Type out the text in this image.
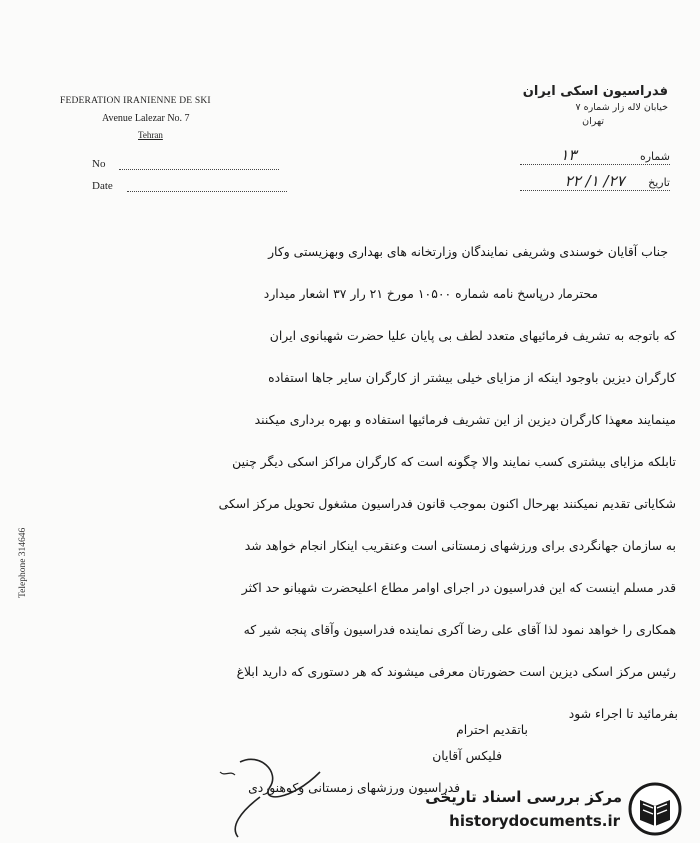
FEDERATION IRANIENNE DE SKI
Avenue Lalezar No. 7
Tehran
No
Date
فدراسیون اسکی ایران
خیابان لاله زار شماره ۷
تهران
شماره ۱۳
تاریخ ۲۷/ ۱/ ۲۲
جناب آقایان خوسندی وشریفی نمایندگان وزارتخانه های بهداری وبهزیستی وکار
محترما٫ درپاسخ نامه شماره ۱۰۵۰۰ مورخ ۲۱ رار ۳۷ اشعار میدارد
که باتوجه به تشریف فرمائیهای متعدد لطف بی پایان علیا حضرت شهبانوی ایران
کارگران دیزین باوجود اینکه از مزایای خیلی بیشتر از کارگران سایر جاها استفاده
مینمایند معهذا کارگران دیزین از این تشریف فرمائیها استفاده و بهره برداری میکنند
تابلکه مزایای بیشتری کسب نمایند والا چگونه است که کارگران مراکز اسکی دیگر چنین
شکایاتی تقدیم نمیکنند بهرحال اکنون بموجب قانون فدراسیون مشغول تحویل مرکز اسکی
به سازمان جهانگردی برای ورزشهای زمستانی است وعنقریب اینکار انجام خواهد شد
قدر مسلم اینست که این فدراسیون در اجرای اوامر مطاع اعلیحضرت شهبانو حد اکثر
همکاری را خواهد نمود لذا آقای علی رضا آکری نماینده فدراسیون وآقای پنجه شیر که
رئیس مرکز اسکی دیزین است حضورتان معرفی میشوند که هر دستوری که دارید ابلاغ
بفرمائید تا اجراء شود
Telephone 314646
باتقدیم احترام
فلیکس آقایان
فدراسیون ورزشهای زمستانی وکوهنوردی
مرکز بررسی اسناد تاریخی
historydocuments.ir
